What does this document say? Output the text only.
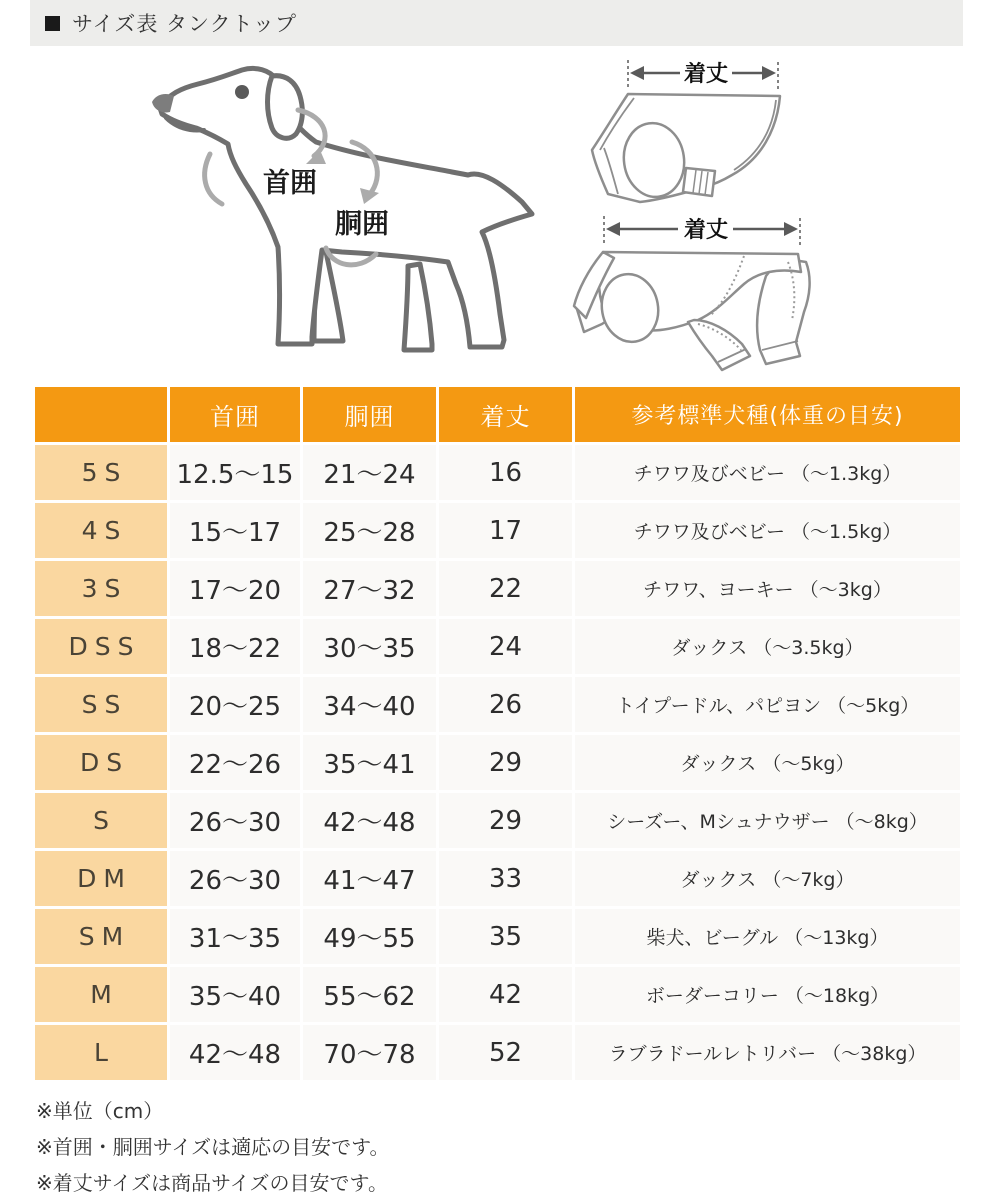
サイズ表 タンクトップ
首囲
胴囲
着丈
着丈
	首囲	胴囲	着丈	参考標準犬種(体重の目安)
5S	12.5～15	21～24	16	チワワ及びベビー （～1.3kg）
4S	15～17	25～28	17	チワワ及びベビー （～1.5kg）
3S	17～20	27～32	22	チワワ、ヨーキー （～3kg）
DSS	18～22	30～35	24	ダックス （～3.5kg）
SS	20～25	34～40	26	トイプードル、パピヨン （～5kg）
DS	22～26	35～41	29	ダックス （～5kg）
S	26～30	42～48	29	シーズー、Mシュナウザー （～8kg）
DM	26～30	41～47	33	ダックス （～7kg）
SM	31～35	49～55	35	柴犬、ビーグル （～13kg）
M	35～40	55～62	42	ボーダーコリー （～18kg）
L	42～48	70～78	52	ラブラドールレトリバー （～38kg）
※単位（cm）
※首囲・胴囲サイズは適応の目安です。
※着丈サイズは商品サイズの目安です。
